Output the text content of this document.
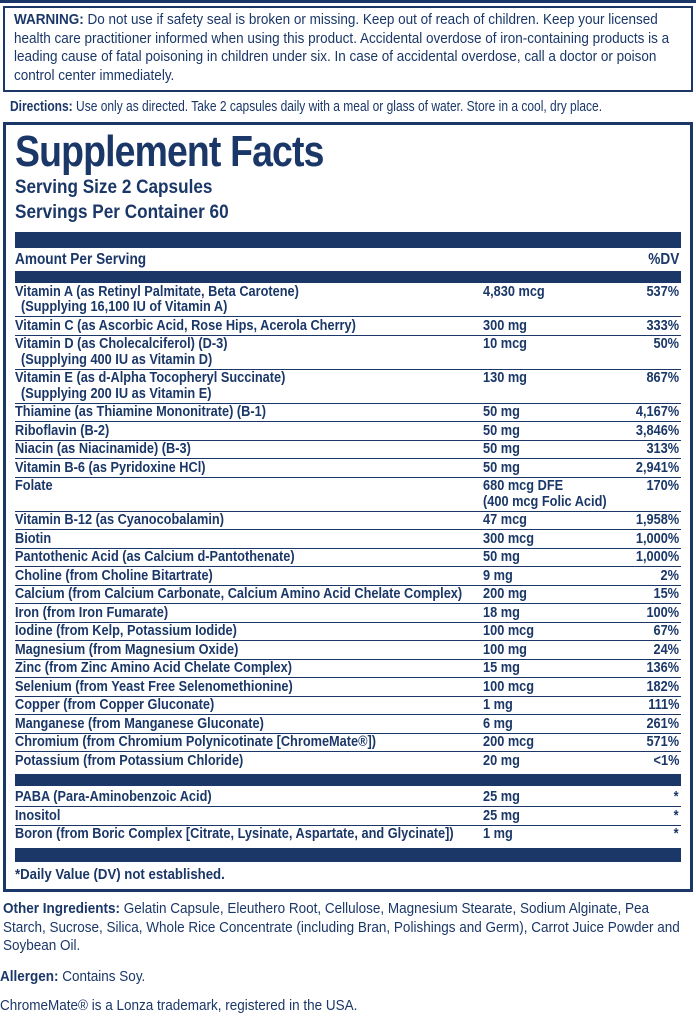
WARNING: Do not use if safety seal is broken or missing. Keep out of reach of children. Keep your licensed health care practitioner informed when using this product. Accidental overdose of iron-containing products is a leading cause of fatal poisoning in children under six. In case of accidental overdose, call a doctor or poison control center immediately.
Directions: Use only as directed. Take 2 capsules daily with a meal or glass of water. Store in a cool, dry place.
Supplement Facts
Serving Size 2 Capsules
Servings Per Container 60
Amount Per Serving	%DV
Vitamin A (as Retinyl Palmitate, Beta Carotene)	4,830 mcg	537%
(Supplying 16,100 IU of Vitamin A)
Vitamin C (as Ascorbic Acid, Rose Hips, Acerola Cherry)	300 mg	333%
Vitamin D (as Cholecalciferol) (D-3)	10 mcg	50%
(Supplying 400 IU as Vitamin D)
Vitamin E (as d-Alpha Tocopheryl Succinate)	130 mg	867%
(Supplying 200 IU as Vitamin E)
Thiamine (as Thiamine Mononitrate) (B-1)	50 mg	4,167%
Riboflavin (B-2)	50 mg	3,846%
Niacin (as Niacinamide) (B-3)	50 mg	313%
Vitamin B-6 (as Pyridoxine HCl)	50 mg	2,941%
Folate	680 mcg DFE	170%
(400 mcg Folic Acid)
Vitamin B-12 (as Cyanocobalamin)	47 mcg	1,958%
Biotin	300 mcg	1,000%
Pantothenic Acid (as Calcium d-Pantothenate)	50 mg	1,000%
Choline (from Choline Bitartrate)	9 mg	2%
Calcium (from Calcium Carbonate, Calcium Amino Acid Chelate Complex)	200 mg	15%
Iron (from Iron Fumarate)	18 mg	100%
Iodine (from Kelp, Potassium Iodide)	100 mcg	67%
Magnesium (from Magnesium Oxide)	100 mg	24%
Zinc (from Zinc Amino Acid Chelate Complex)	15 mg	136%
Selenium (from Yeast Free Selenomethionine)	100 mcg	182%
Copper (from Copper Gluconate)	1 mg	111%
Manganese (from Manganese Gluconate)	6 mg	261%
Chromium (from Chromium Polynicotinate [ChromeMate®])	200 mcg	571%
Potassium (from Potassium Chloride)	20 mg	<1%
PABA (Para-Aminobenzoic Acid)	25 mg	*
Inositol	25 mg	*
Boron (from Boric Complex [Citrate, Lysinate, Aspartate, and Glycinate])	1 mg	*
*Daily Value (DV) not established.
Other Ingredients: Gelatin Capsule, Eleuthero Root, Cellulose, Magnesium Stearate, Sodium Alginate, Pea Starch, Sucrose, Silica, Whole Rice Concentrate (including Bran, Polishings and Germ), Carrot Juice Powder and Soybean Oil.
Allergen: Contains Soy.
ChromeMate® is a Lonza trademark, registered in the USA.
